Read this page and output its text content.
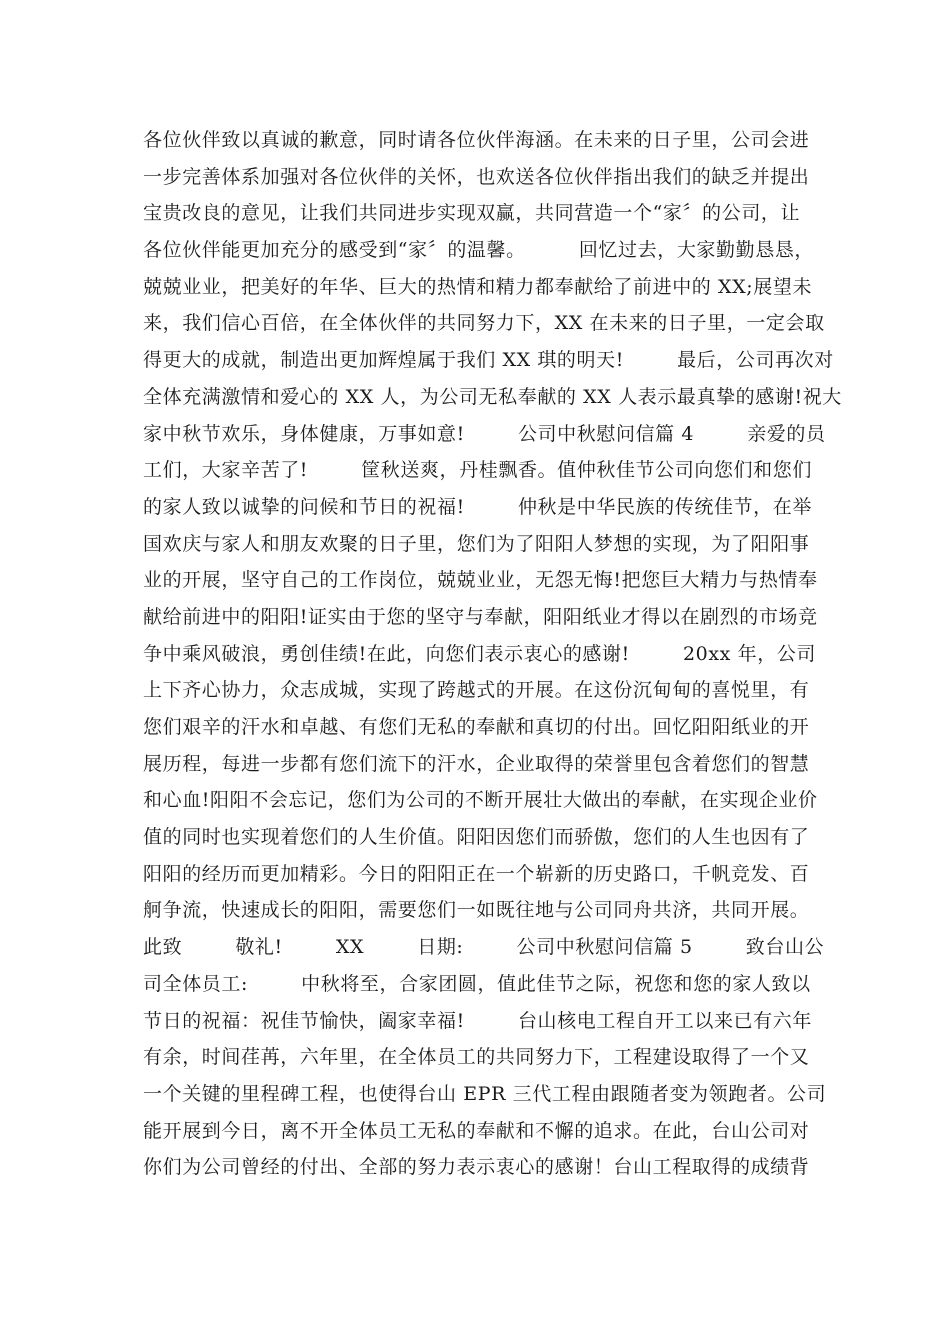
各位伙伴致以真诚的歉意，同时请各位伙伴海涵。在未来的日子里，公司会进
一步完善体系加强对各位伙伴的关怀，也欢送各位伙伴指出我们的缺乏并提出
宝贵改良的意见，让我们共同进步实现双赢，共同营造一个“家〞的公司，让
各位伙伴能更加充分的感受到“家〞的温馨。        回忆过去，大家勤勤恳恳，
兢兢业业，把美好的年华、巨大的热情和精力都奉献给了前进中的 XX;展望未
来，我们信心百倍，在全体伙伴的共同努力下，XX 在未来的日子里，一定会取
得更大的成就，制造出更加辉煌属于我们 XX 琪的明天!        最后，公司再次对
全体充满激情和爱心的 XX 人，为公司无私奉献的 XX 人表示最真挚的感谢!祝大
家中秋节欢乐，身体健康，万事如意!        公司中秋慰问信篇 4        亲爱的员
工们，大家辛苦了!        筐秋送爽，丹桂飘香。值仲秋佳节公司向您们和您们
的家人致以诚挚的问候和节日的祝福!        仲秋是中华民族的传统佳节，在举
国欢庆与家人和朋友欢聚的日子里，您们为了阳阳人梦想的实现，为了阳阳事
业的开展，坚守自己的工作岗位，兢兢业业，无怨无悔!把您巨大精力与热情奉
献给前进中的阳阳!证实由于您的坚守与奉献，阳阳纸业才得以在剧烈的市场竞
争中乘风破浪，勇创佳绩!在此，向您们表示衷心的感谢!        20xx 年，公司
上下齐心协力，众志成城，实现了跨越式的开展。在这份沉甸甸的喜悦里，有
您们艰辛的汗水和卓越、有您们无私的奉献和真切的付出。回忆阳阳纸业的开
展历程，每进一步都有您们流下的汗水，企业取得的荣誉里包含着您们的智慧
和心血!阳阳不会忘记，您们为公司的不断开展壮大做出的奉献，在实现企业价
值的同时也实现着您们的人生价值。阳阳因您们而骄傲，您们的人生也因有了
阳阳的经历而更加精彩。今日的阳阳正在一个崭新的历史路口，千帆竞发、百
舸争流，快速成长的阳阳，需要您们一如既往地与公司同舟共济，共同开展。
此致        敬礼!        XX        日期:        公司中秋慰问信篇 5        致台山公
司全体员工:        中秋将至，合家团圆，值此佳节之际，祝您和您的家人致以
节日的祝福：祝佳节愉快，阖家幸福!        台山核电工程自开工以来已有六年
有余，时间荏苒，六年里，在全体员工的共同努力下，工程建设取得了一个又
一个关键的里程碑工程，也使得台山 EPR 三代工程由跟随者变为领跑者。公司
能开展到今日，离不开全体员工无私的奉献和不懈的追求。在此，台山公司对
你们为公司曾经的付出、全部的努力表示衷心的感谢！台山工程取得的成绩背
